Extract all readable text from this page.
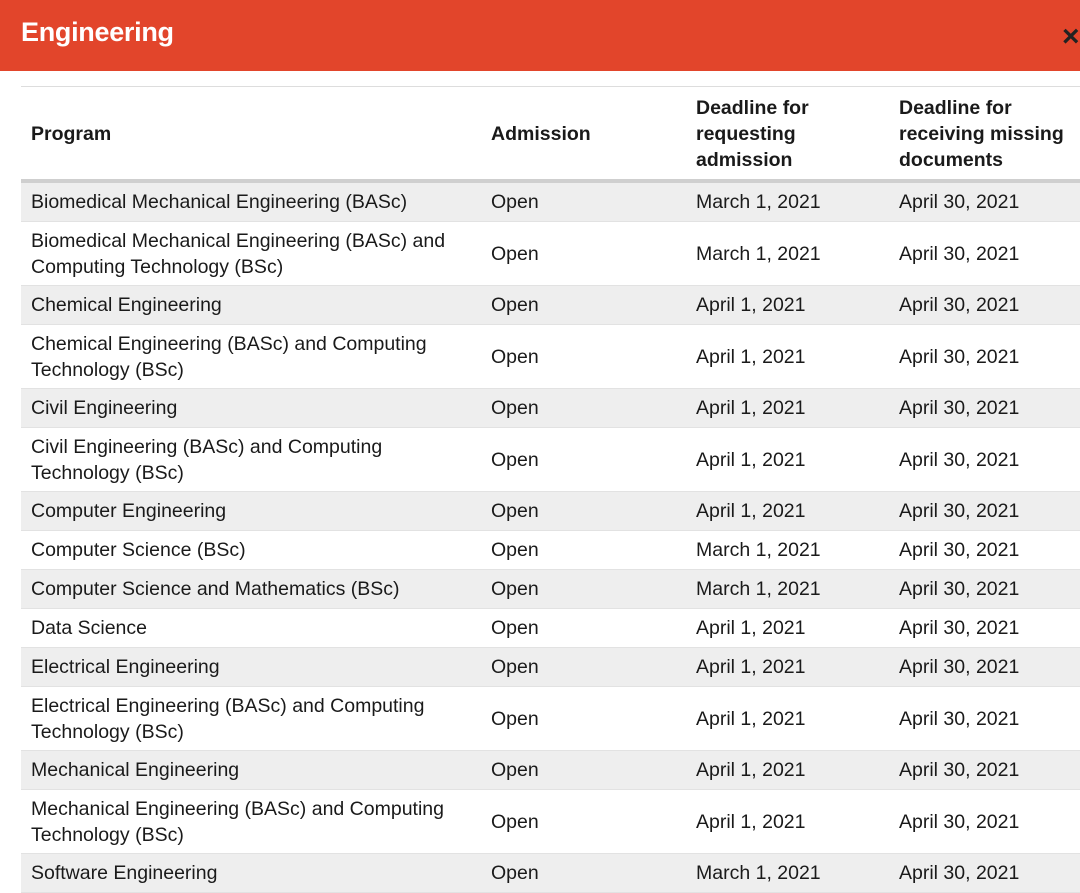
Engineering	×
Program	Admission	Deadline for requesting admission	Deadline for receiving missing documents
Biomedical Mechanical Engineering (BASc)	Open	March 1, 2021	April 30, 2021
Biomedical Mechanical Engineering (BASc) and Computing Technology (BSc)	Open	March 1, 2021	April 30, 2021
Chemical Engineering	Open	April 1, 2021	April 30, 2021
Chemical Engineering (BASc) and Computing Technology (BSc)	Open	April 1, 2021	April 30, 2021
Civil Engineering	Open	April 1, 2021	April 30, 2021
Civil Engineering (BASc) and Computing Technology (BSc)	Open	April 1, 2021	April 30, 2021
Computer Engineering	Open	April 1, 2021	April 30, 2021
Computer Science (BSc)	Open	March 1, 2021	April 30, 2021
Computer Science and Mathematics (BSc)	Open	March 1, 2021	April 30, 2021
Data Science	Open	April 1, 2021	April 30, 2021
Electrical Engineering	Open	April 1, 2021	April 30, 2021
Electrical Engineering (BASc) and Computing Technology (BSc)	Open	April 1, 2021	April 30, 2021
Mechanical Engineering	Open	April 1, 2021	April 30, 2021
Mechanical Engineering (BASc) and Computing Technology (BSc)	Open	April 1, 2021	April 30, 2021
Software Engineering	Open	March 1, 2021	April 30, 2021
